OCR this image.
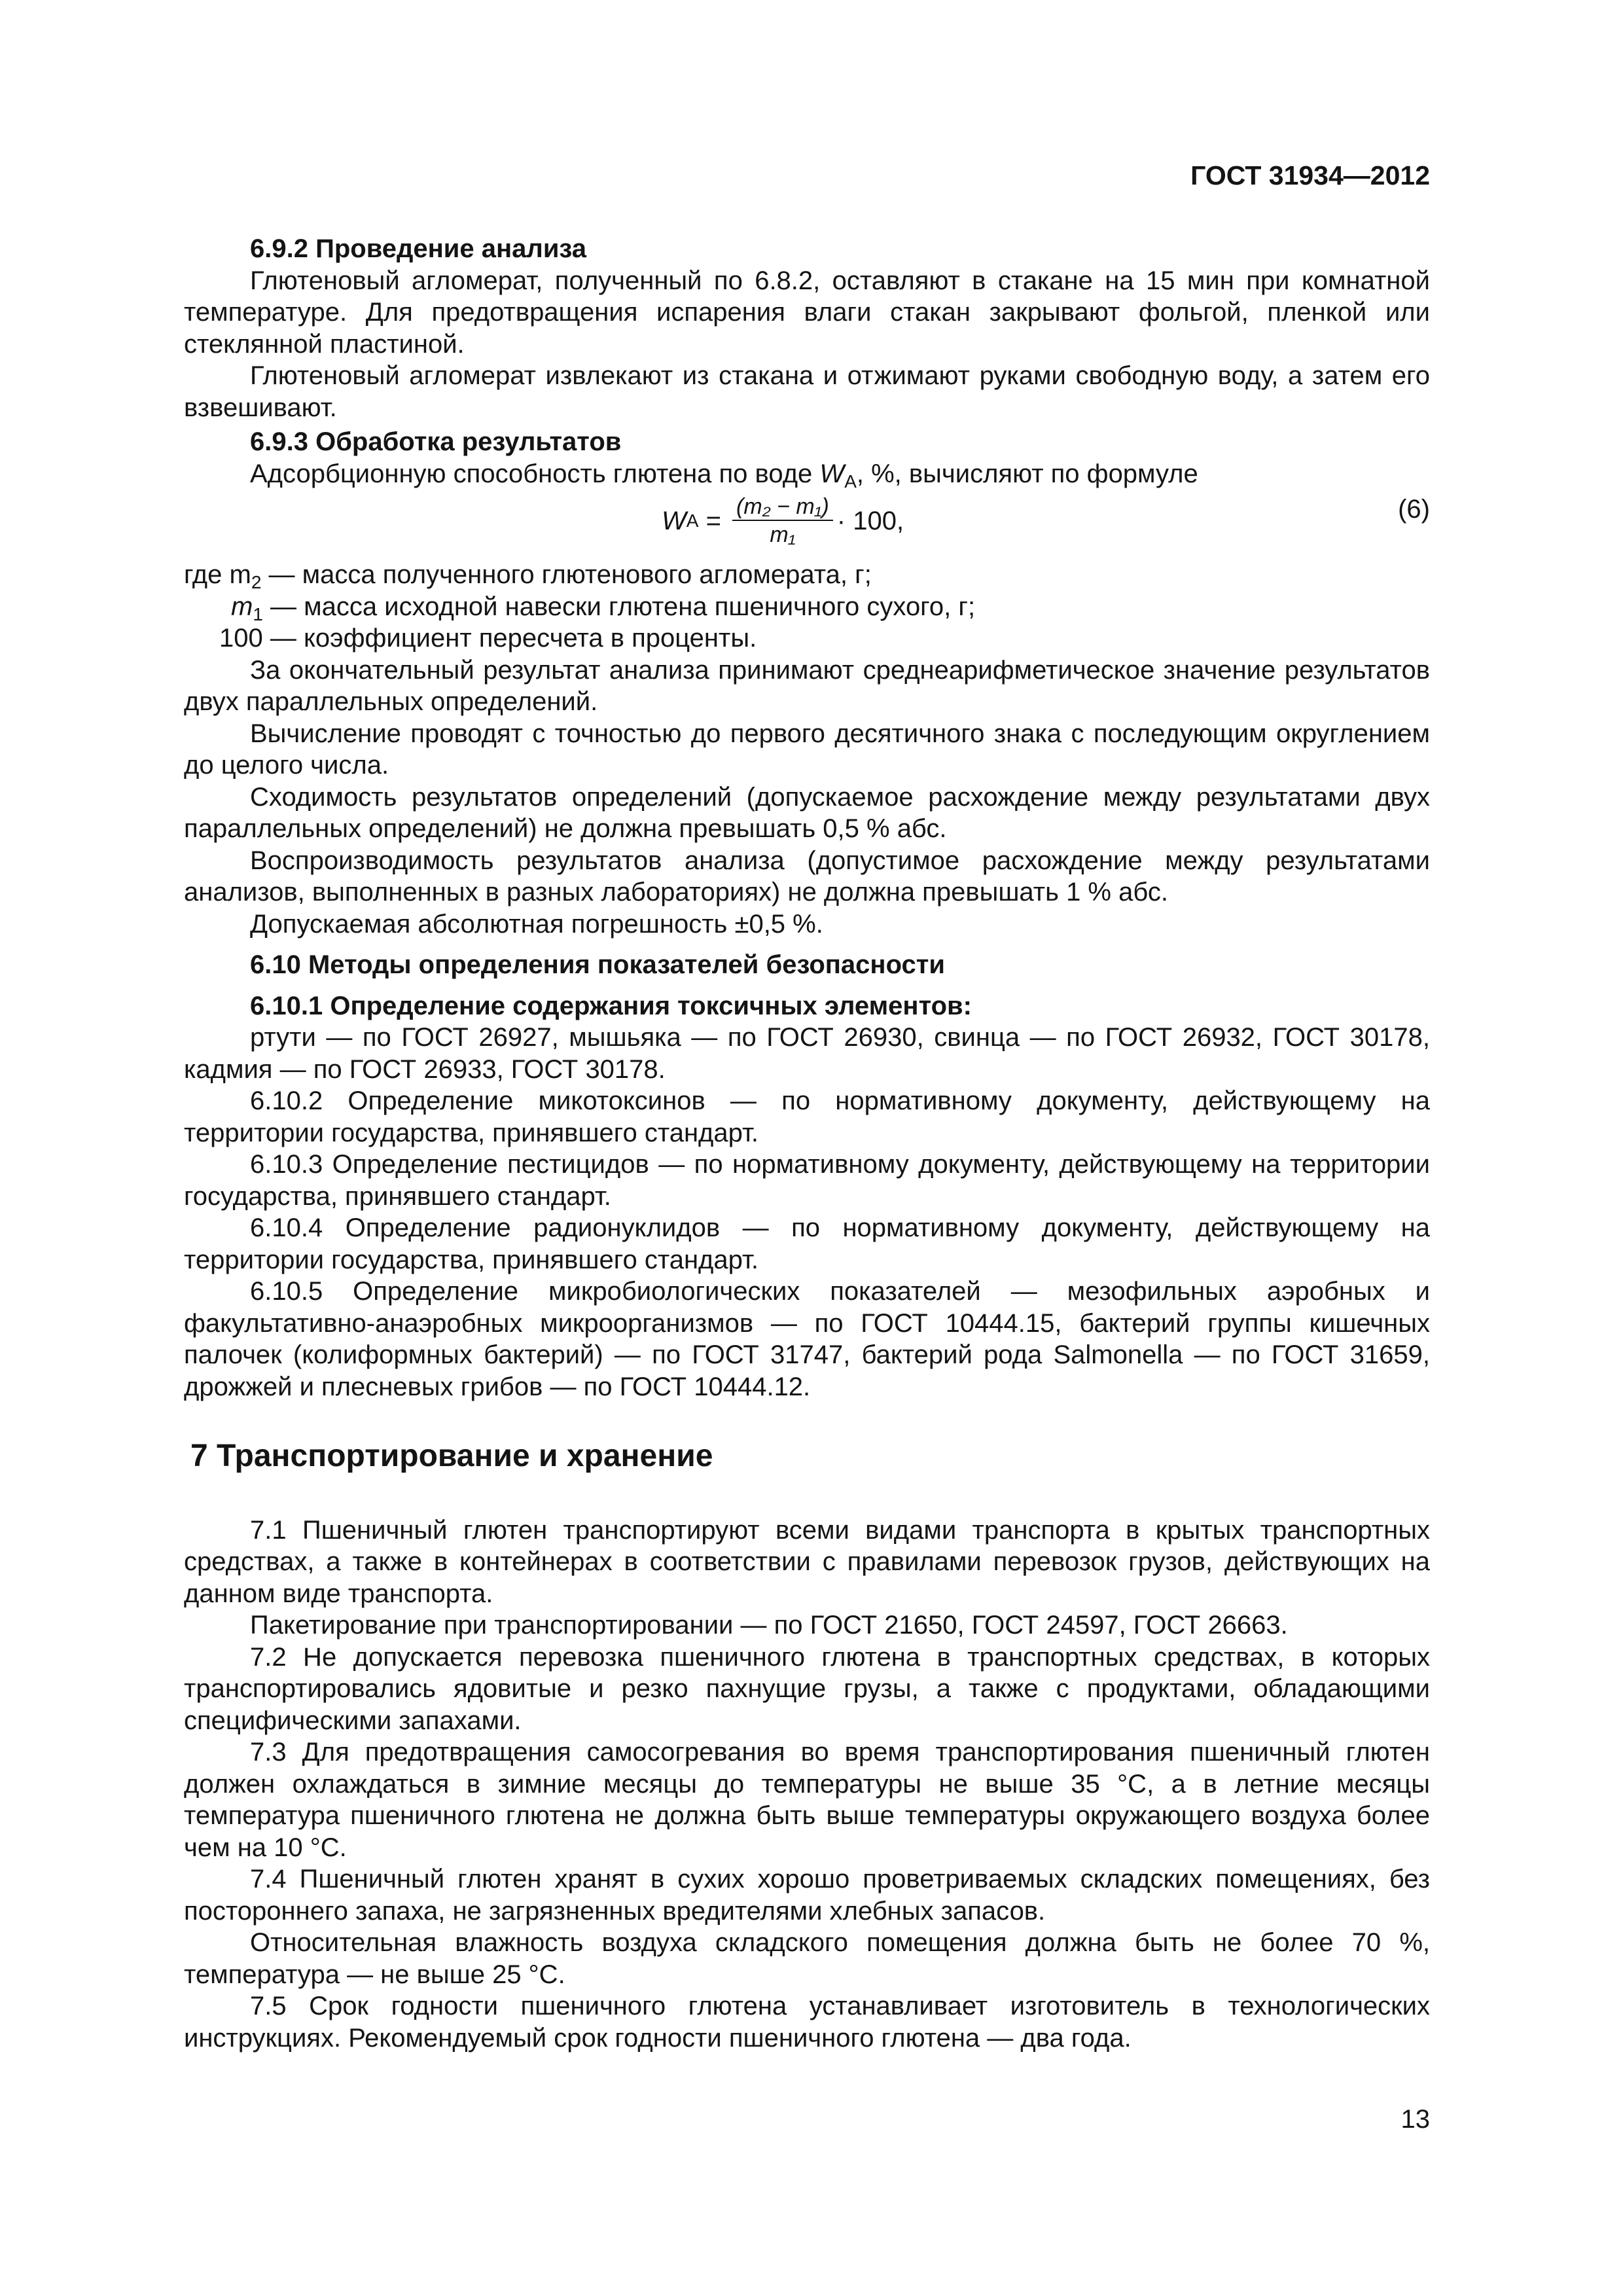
ГОСТ 31934—2012

6.9.2 Проведение анализа

Глютеновый агломерат, полученный по 6.8.2, оставляют в стакане на 15 мин при комнатной температуре. Для предотвращения испарения влаги стакан закрывают фольгой, пленкой или стеклянной пластиной.

Глютеновый агломерат извлекают из стакана и отжимают руками свободную воду, а затем его взвешивают.

6.9.3 Обработка результатов

Адсорбционную способность глютена по воде $W_А$, %, вычисляют по формуле

W $А = \frac{\text{(m₂ − m₁)}}{\text{m₁}} \cdot 100$,	(6)

где $m_2$ — масса полученного глютенового агломерата, г;

$m_1$ — масса исходной навески глютена пшеничного сухого, г;

100 — коэффициент пересчета в проценты.

За окончательный результат анализа принимают среднеарифметическое значение результатов двух параллельных определений.

Вычисление проводят с точностью до первого десятичного знака с последующим округлением до целого числа.

Сходимость результатов определений (допускаемое расхождение между результатами двух параллельных определений) не должна превышать 0,5 % абс.

Воспроизводимость результатов анализа (допустимое расхождение между результатами анализов, выполненных в разных лабораториях) не должна превышать 1 % абс.

Допускаемая абсолютная погрешность ±0,5 %.

6.10 Методы определения показателей безопасности

6.10.1 Определение содержания токсичных элементов:

ртути — по ГОСТ 26927, мышьяка — по ГОСТ 26930, свинца — по ГОСТ 26932, ГОСТ 30178, кадмия — по ГОСТ 26933, ГОСТ 30178.

6.10.2 Определение микотоксинов — по нормативному документу, действующему на территории государства, принявшего стандарт.

6.10.3 Определение пестицидов — по нормативному документу, действующему на территории государства, принявшего стандарт.

6.10.4 Определение радионуклидов — по нормативному документу, действующему на территории государства, принявшего стандарт.

6.10.5 Определение микробиологических показателей — мезофильных аэробных и факультативно-анаэробных микроорганизмов — по ГОСТ 10444.15, бактерий группы кишечных палочек (колиформных бактерий) — по ГОСТ 31747, бактерий рода Salmonella — по ГОСТ 31659, дрожжей и плесневых грибов — по ГОСТ 10444.12.

7 Транспортирование и хранение

7.1 Пшеничный глютен транспортируют всеми видами транспорта в крытых транспортных средствах, а также в контейнерах в соответствии с правилами перевозок грузов, действующих на данном виде транспорта.

Пакетирование при транспортировании — по ГОСТ 21650, ГОСТ 24597, ГОСТ 26663.

7.2 Не допускается перевозка пшеничного глютена в транспортных средствах, в которых транспортировались ядовитые и резко пахнущие грузы, а также с продуктами, обладающими специфическими запахами.

7.3 Для предотвращения самосогревания во время транспортирования пшеничный глютен должен охлаждаться в зимние месяцы до температуры не выше 35 °С, а в летние месяцы температура пшеничного глютена не должна быть выше температуры окружающего воздуха более чем на 10 °С.

7.4 Пшеничный глютен хранят в сухих хорошо проветриваемых складских помещениях, без постороннего запаха, не загрязненных вредителями хлебных запасов.

Относительная влажность воздуха складского помещения должна быть не более 70 %, температура — не выше 25 °С.

7.5 Срок годности пшеничного глютена устанавливает изготовитель в технологических инструкциях. Рекомендуемый срок годности пшеничного глютена — два года.

13
